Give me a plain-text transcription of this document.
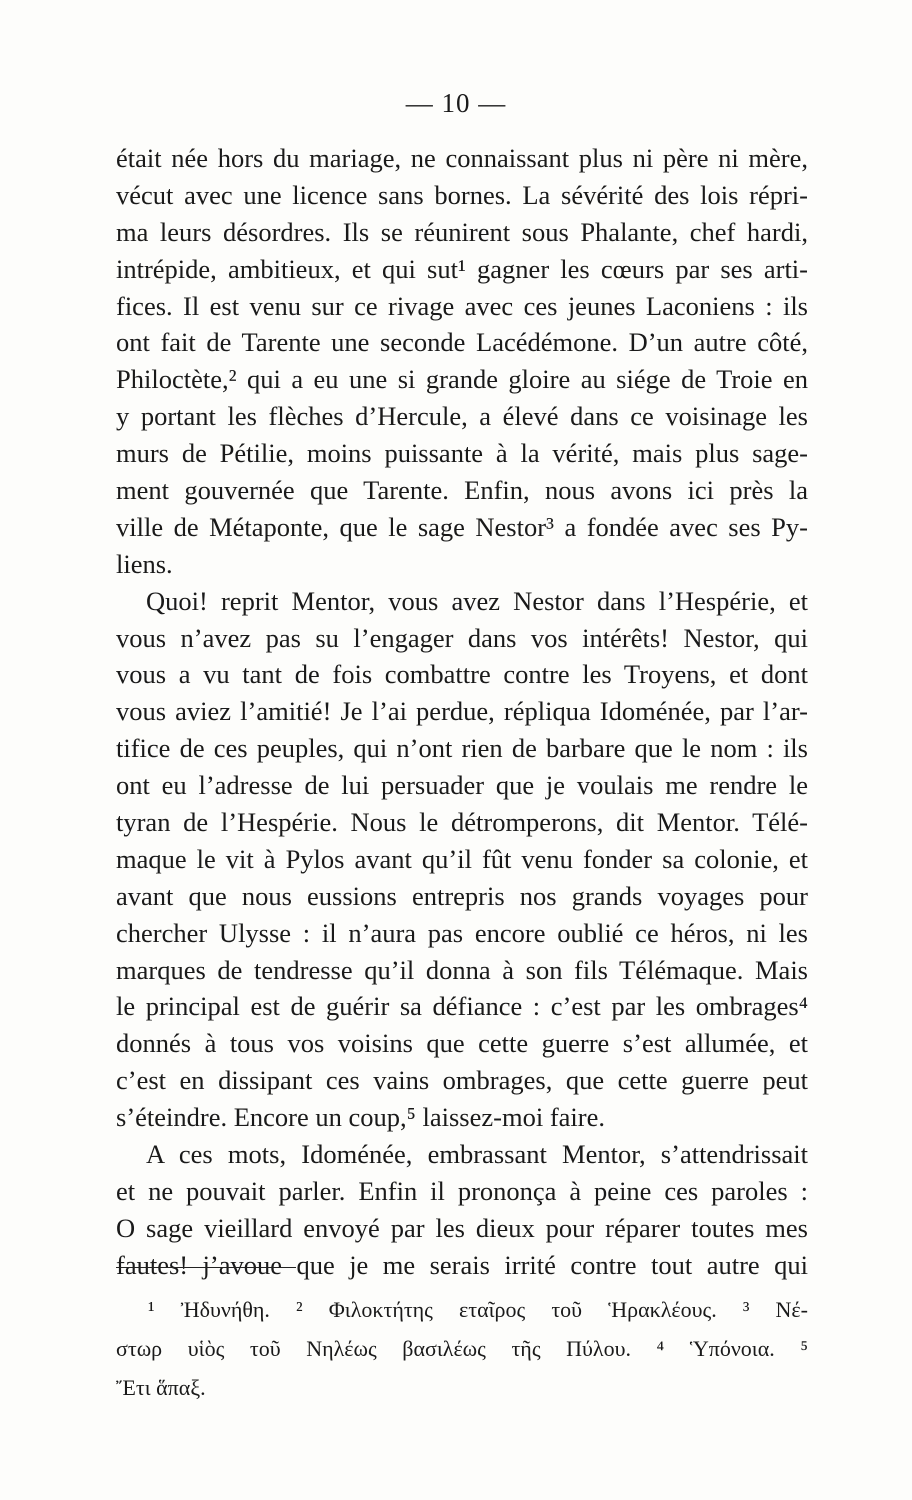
— 10 —
était née hors du mariage, ne connaissant plus ni père ni mère,
vécut avec une licence sans bornes. La sévérité des lois répri-
ma leurs désordres. Ils se réunirent sous Phalante, chef hardi,
intrépide, ambitieux, et qui sut¹ gagner les cœurs par ses arti-
fices. Il est venu sur ce rivage avec ces jeunes Laconiens : ils
ont fait de Tarente une seconde Lacédémone. D’un autre côté,
Philoctète,² qui a eu une si grande gloire au siége de Troie en
y portant les flèches d’Hercule, a élevé dans ce voisinage les
murs de Pétilie, moins puissante à la vérité, mais plus sage-
ment gouvernée que Tarente. Enfin, nous avons ici près la
ville de Métaponte, que le sage Nestor³ a fondée avec ses Py-
liens.
Quoi! reprit Mentor, vous avez Nestor dans l’Hespérie, et
vous n’avez pas su l’engager dans vos intérêts! Nestor, qui
vous a vu tant de fois combattre contre les Troyens, et dont
vous aviez l’amitié! Je l’ai perdue, répliqua Idoménée, par l’ar-
tifice de ces peuples, qui n’ont rien de barbare que le nom : ils
ont eu l’adresse de lui persuader que je voulais me rendre le
tyran de l’Hespérie. Nous le détromperons, dit Mentor. Télé-
maque le vit à Pylos avant qu’il fût venu fonder sa colonie, et
avant que nous eussions entrepris nos grands voyages pour
chercher Ulysse : il n’aura pas encore oublié ce héros, ni les
marques de tendresse qu’il donna à son fils Télémaque. Mais
le principal est de guérir sa défiance : c’est par les ombrages⁴
donnés à tous vos voisins que cette guerre s’est allumée, et
c’est en dissipant ces vains ombrages, que cette guerre peut
s’éteindre. Encore un coup,⁵ laissez-moi faire.
A ces mots, Idoménée, embrassant Mentor, s’attendrissait
et ne pouvait parler. Enfin il prononça à peine ces paroles :
O sage vieillard envoyé par les dieux pour réparer toutes mes
fautes! j’avoue que je me serais irrité contre tout autre qui
¹ Ἠδυνήθη. ² Φιλοκτήτης εταῖρος τοῦ Ἡρακλέους. ³ Νέ-
στωρ υἱὸς τοῦ Νηλέως βασιλέως τῆς Πύλου. ⁴ Ὑπόνοια. ⁵
Ἔτι ἅπαξ.
